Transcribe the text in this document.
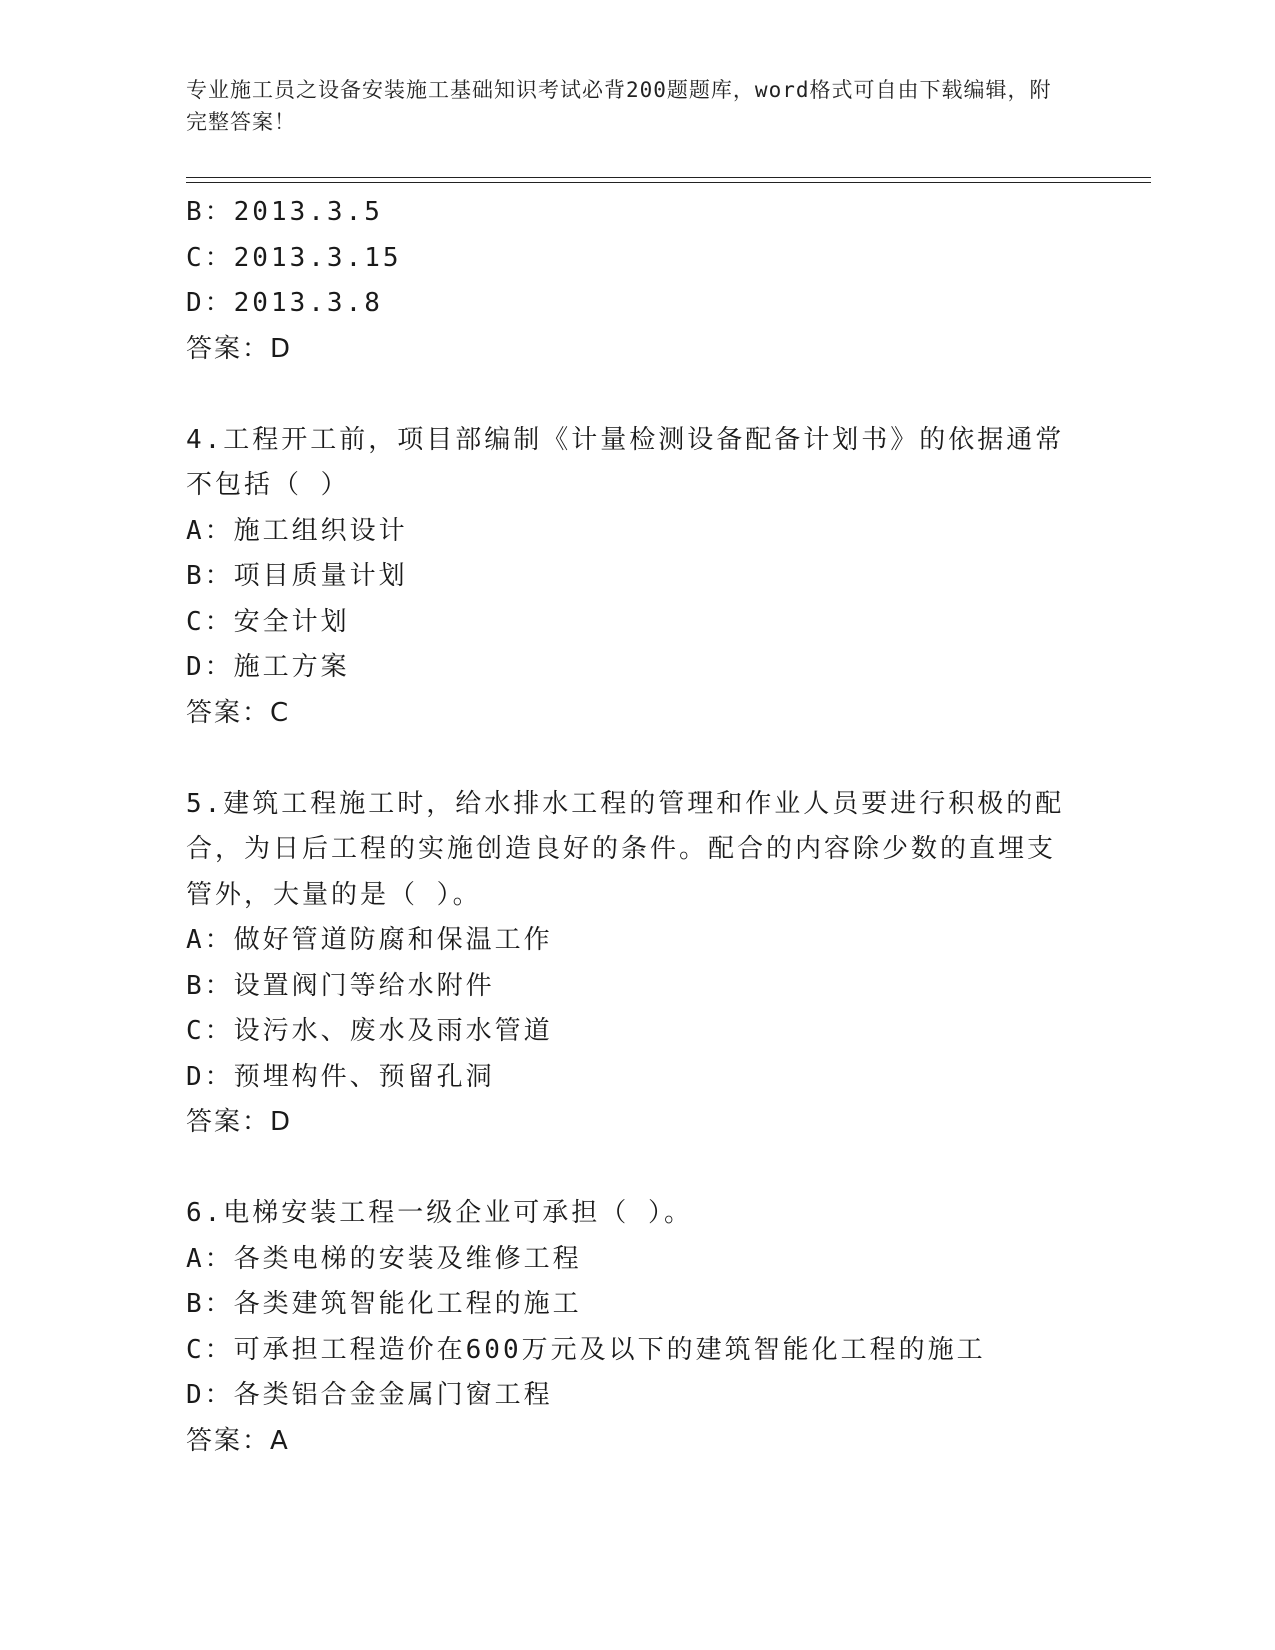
专业施工员之设备安装施工基础知识考试必背200题题库，word格式可自由下载编辑，附完整答案！
B：2013.3.5
C：2013.3.15
D：2013.3.8
答案：D
4.工程开工前，项目部编制《计量检测设备配备计划书》的依据通常不包括（ ）
A：施工组织设计
B：项目质量计划
C：安全计划
D：施工方案
答案：C
5.建筑工程施工时，给水排水工程的管理和作业人员要进行积极的配合，为日后工程的实施创造良好的条件。配合的内容除少数的直埋支管外，大量的是（ ）。
A：做好管道防腐和保温工作
B：设置阀门等给水附件
C：设污水、废水及雨水管道
D：预埋构件、预留孔洞
答案：D
6.电梯安装工程一级企业可承担（ ）。
A：各类电梯的安装及维修工程
B：各类建筑智能化工程的施工
C：可承担工程造价在600万元及以下的建筑智能化工程的施工
D：各类铝合金金属门窗工程
答案：A
